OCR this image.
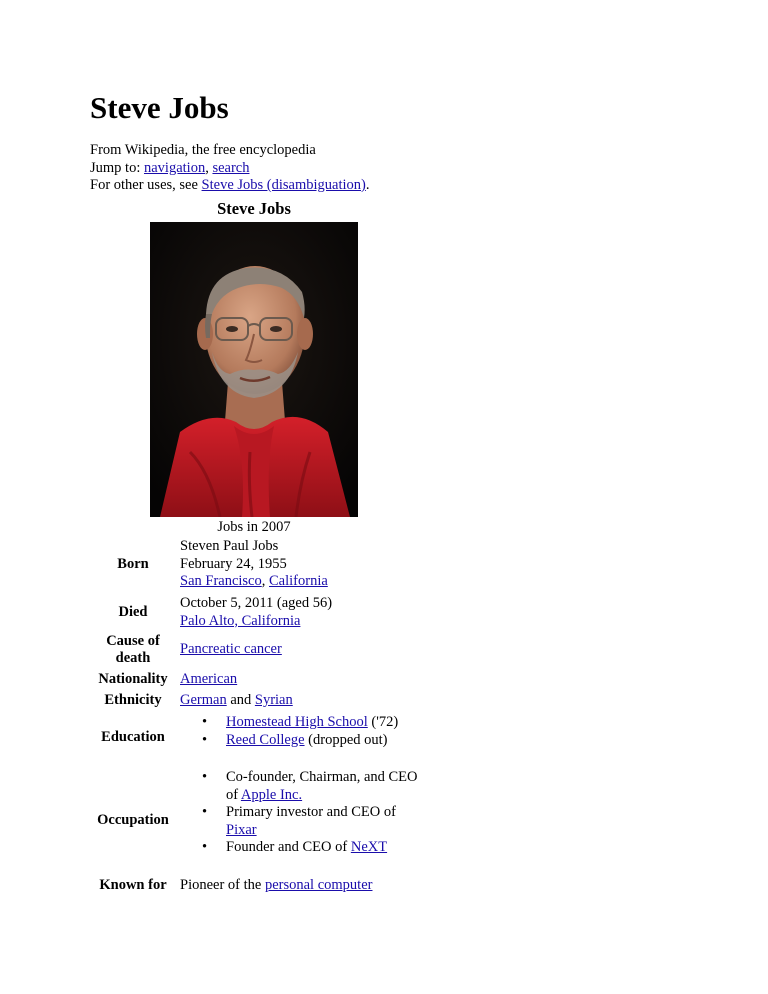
Steve Jobs
From Wikipedia, the free encyclopedia
Jump to: navigation, search
For other uses, see Steve Jobs (disambiguation).
Steve Jobs
Jobs in 2007
Born
Steven Paul Jobs
February 24, 1955
San Francisco, California
Died
October 5, 2011 (aged 56)
Palo Alto, California
Cause of death
Pancreatic cancer
Nationality American
Ethnicity	German and Syrian
Education
• Homestead High School ('72)
• Reed College (dropped out)
Occupation
• Co-founder, Chairman, and CEO of Apple Inc.
• Primary investor and CEO of Pixar
• Founder and CEO of NeXT
Known for Pioneer of the personal computer
